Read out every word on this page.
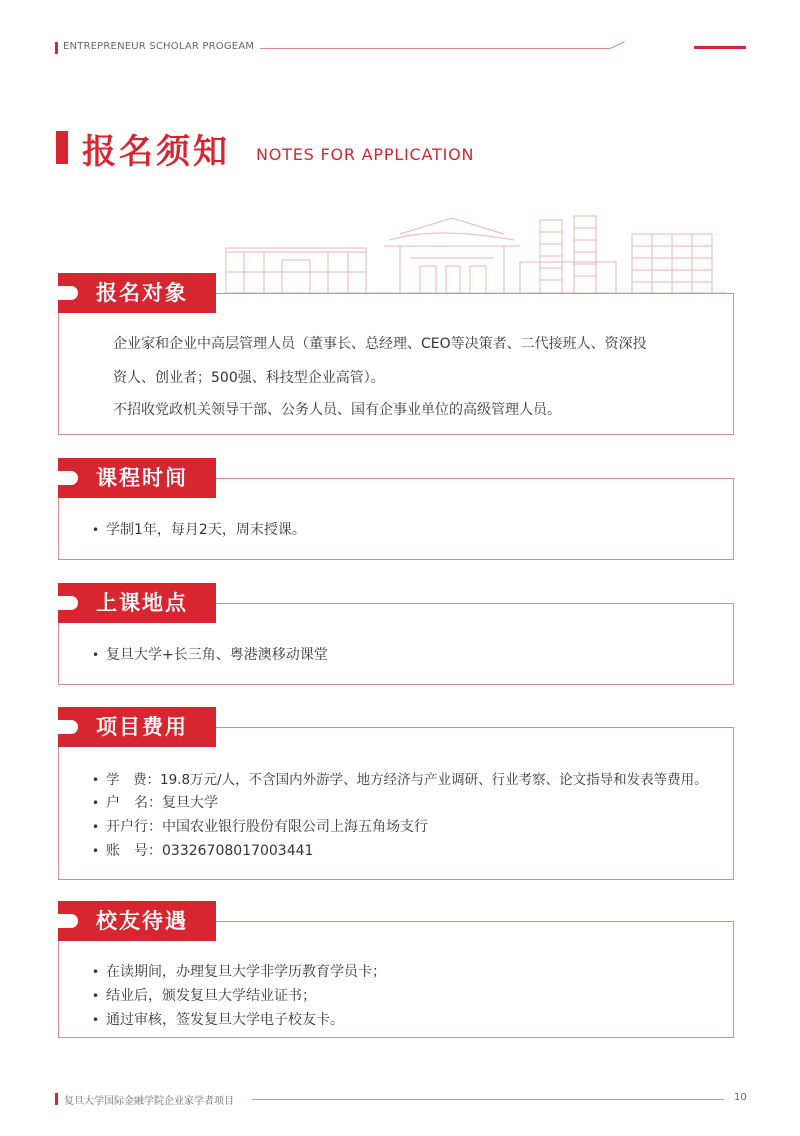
ENTREPRENEUR SCHOLAR PROGEAM
报名须知 NOTES FOR APPLICATION
报名对象
企业家和企业中高层管理人员（董事长、总经理、CEO等决策者、二代接班人、资深投
资人、创业者；500强、科技型企业高管）。
不招收党政机关领导干部、公务人员、国有企事业单位的高级管理人员。
课程时间
• 学制1年，每月2天，周末授课。
上课地点
• 复旦大学+长三角、粤港澳移动课堂
项目费用
• 学　费：19.8万元/人，不含国内外游学、地方经济与产业调研、行业考察、论文指导和发表等费用。
• 户　名：复旦大学
• 开户行：中国农业银行股份有限公司上海五角场支行
• 账　号：03326708017003441
校友待遇
• 在读期间，办理复旦大学非学历教育学员卡；
• 结业后，颁发复旦大学结业证书；
• 通过审核，签发复旦大学电子校友卡。
复旦大学国际金融学院企业家学者项目	10
